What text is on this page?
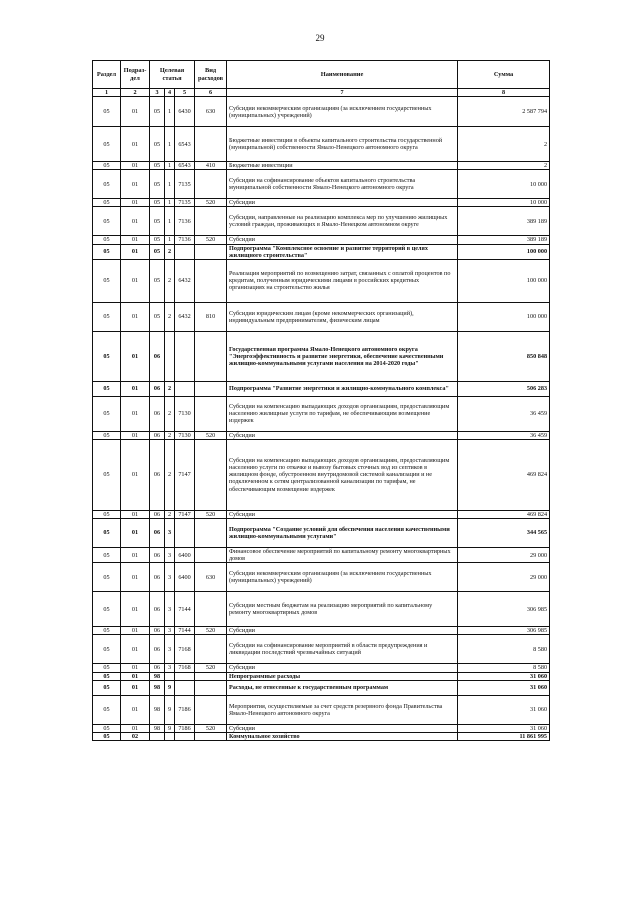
29
Раздел	Подраз-дел	Целевая статья			Вид расходов	Наименование	Сумма
1	2	3	4	5	6	7	8
05	01	05	1	6430	630	Субсидии некоммерческим организациям (за исключением государственных (муниципальных) учреждений)	2 587 794
05	01	05	1	6543		Бюджетные инвестиции в объекты капитального строительства государственной (муниципальной) собственности Ямало-Ненецкого автономного округа	2
05	01	05	1	6543	410	Бюджетные инвестиции	2
05	01	05	1	7135		Субсидии на софинансирование объектов капитального строительства муниципальной собственности Ямало-Ненецкого автономного округа	10 000
05	01	05	1	7135	520	Субсидии	10 000
05	01	05	1	7136		Субсидии, направленные на реализацию комплекса мер по улучшению жилищных условий граждан, проживающих в Ямало-Ненецком автономном округе	389 189
05	01	05	1	7136	520	Субсидии	389 189
05	01	05	2			Подпрограмма "Комплексное освоение и развитие территорий в целях жилищного строительства"	100 000
05	01	05	2	6432		Реализация мероприятий по возмещению затрат, связанных с оплатой процентов по кредитам, полученным юридическими лицами в российских кредитных организациях на строительство жилья	100 000
05	01	05	2	6432	810	Субсидии юридическим лицам (кроме некоммерческих организаций), индивидуальным предпринимателям, физическим лицам	100 000
05	01	06				Государственная программа Ямало-Ненецкого автономного округа "Энергоэффективность и развитие энергетики, обеспечение качественными жилищно-коммунальными услугами населения на 2014-2020 годы"	850 848
05	01	06	2			Подпрограмма "Развитие энергетики и жилищно-коммунального комплекса"	506 283
05	01	06	2	7130		Субсидии на компенсацию выпадающих доходов организациям, предоставляющим населению жилищные услуги по тарифам, не обеспечивающим возмещение издержек	36 459
05	01	06	2	7130	520	Субсидии	36 459
05	01	06	2	7147		Субсидии на компенсацию выпадающих доходов организациям, предоставляющим населению услуги по откачке и вывозу бытовых сточных вод из септиков в жилищном фонде, обустроенном внутридомовой системой канализации и не подключенном к сетям централизованной канализации по тарифам, не обеспечивающим возмещение издержек	469 824
05	01	06	2	7147	520	Субсидии	469 824
05	01	06	3			Подпрограмма "Создание условий для обеспечения населения качественными жилищно-коммунальными услугами"	344 565
05	01	06	3	6400		Финансовое обеспечение мероприятий по капитальному ремонту многоквартирных домов	29 000
05	01	06	3	6400	630	Субсидии некоммерческим организациям (за исключением государственных (муниципальных) учреждений)	29 000
05	01	06	3	7144		Субсидии местным бюджетам на реализацию мероприятий по капитальному ремонту многоквартирных домов	306 985
05	01	06	3	7144	520	Субсидии	306 985
05	01	06	3	7168		Субсидии на софинансирование мероприятий в области предупреждения и ликвидации последствий чрезвычайных ситуаций	8 580
05	01	06	3	7168	520	Субсидии	8 580
05	01	98				Непрограммные расходы	31 060
05	01	98	9			Расходы, не отнесенные к государственным программам	31 060
05	01	98	9	7186		Мероприятия, осуществляемые за счет средств резервного фонда Правительства Ямало-Ненецкого автономного округа	31 060
05	01	98	9	7186	520	Субсидии	31 060
05	02					Коммунальное хозяйство	11 861 995
